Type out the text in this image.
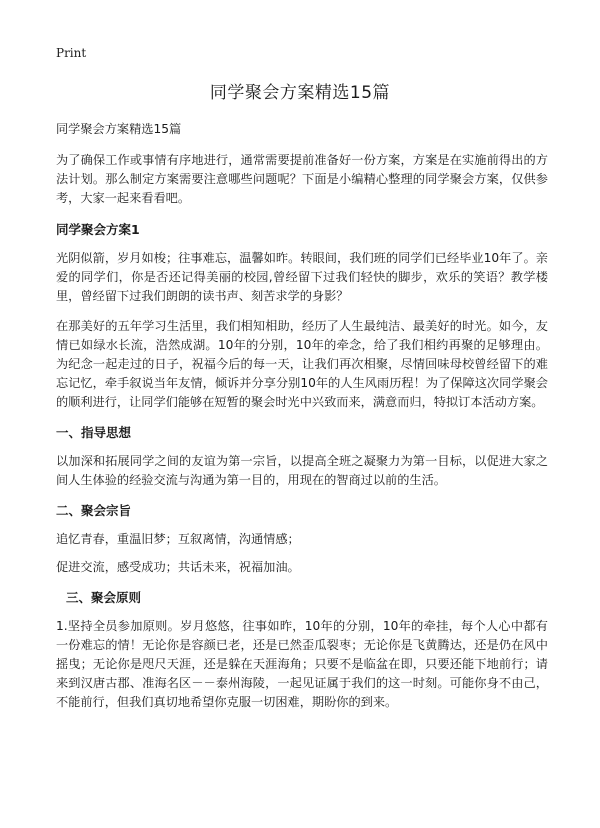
Print
同学聚会方案精选15篇

同学聚会方案精选15篇

为了确保工作或事情有序地进行，通常需要提前准备好一份方案，方案是在实施前得出的方法计划。那么制定方案需要注意哪些问题呢？下面是小编精心整理的同学聚会方案，仅供参考，大家一起来看看吧。

同学聚会方案1

光阴似箭，岁月如梭；往事难忘，温馨如昨。转眼间，我们班的同学们已经毕业10年了。亲爱的同学们，你是否还记得美丽的校园,曾经留下过我们轻快的脚步，欢乐的笑语？教学楼里，曾经留下过我们朗朗的读书声、刻苦求学的身影？

在那美好的五年学习生活里，我们相知相助，经历了人生最纯洁、最美好的时光。如今，友情已如绿水长流，浩然成湖。10年的分别，10年的牵念，给了我们相约再聚的足够理由。为纪念一起走过的日子，祝福今后的每一天，让我们再次相聚，尽情回味母校曾经留下的难忘记忆，牵手叙说当年友情，倾诉并分享分别10年的人生风雨历程！为了保障这次同学聚会的顺利进行，让同学们能够在短暂的聚会时光中兴致而来，满意而归，特拟订本活动方案。

一、指导思想

以加深和拓展同学之间的友谊为第一宗旨，以提高全班之凝聚力为第一目标，以促进大家之间人生体验的经验交流与沟通为第一目的，用现在的智商过以前的生活。

二、聚会宗旨

追忆青春，重温旧梦；互叙离情，沟通情感；

促进交流，感受成功；共话未来，祝福加油。

三、聚会原则

1.坚持全员参加原则。岁月悠悠，往事如昨，10年的分别，10年的牵挂，每个人心中都有一份难忘的情！无论你是容颜已老，还是已然歪瓜裂枣；无论你是飞黄腾达，还是仍在风中摇曳；无论你是咫尺天涯，还是躲在天涯海角；只要不是临盆在即，只要还能下地前行；请来到汉唐古郡、准海名区－－泰州海陵，一起见证属于我们的这一时刻。可能你身不由己，不能前行，但我们真切地希望你克服一切困难，期盼你的到来。
